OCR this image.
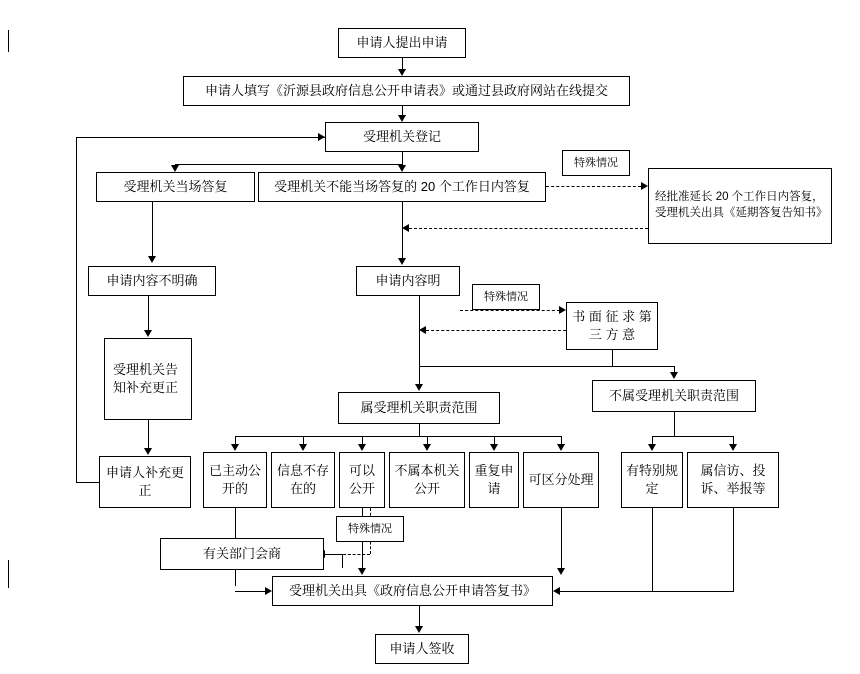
申请人提出申请
申请人填写《沂源县政府信息公开申请表》或通过县政府网站在线提交
受理机关登记
受理机关当场答复	受理机关不能当场答复的 20 个工作日内答复
特殊情况
经批准延长 20 个工作日内答复，受理机关出具《延期答复告知书》
申请内容不明确	申请内容明
特殊情况
书 面 征 求 第 三 方 意
受理机关告知补充更正
属受理机关职责范围
不属受理机关职责范围
申请人补充更正
已主动公开的
信息不存在的
可以公开
不属本机关公开
重复申请
可区分处理
有特别规定
属信访、投诉、举报等
特殊情况
有关部门会商
受理机关出具《政府信息公开申请答复书》
申请人签收
